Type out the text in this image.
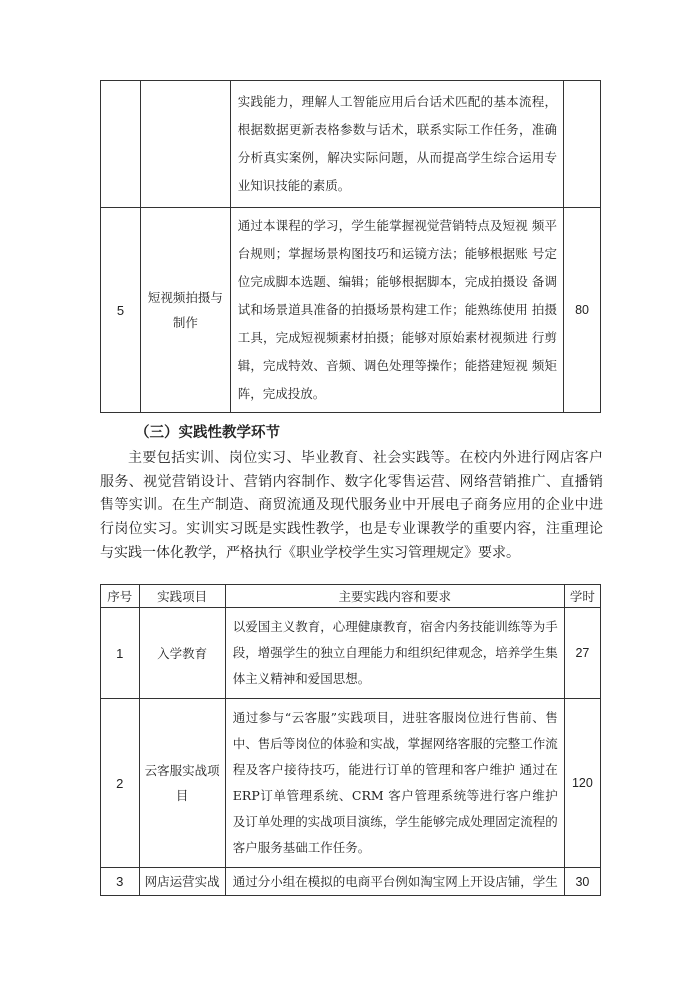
		实践能力，理解人工智能应用后台话术匹配的基本流程，根据数据更新表格参数与话术，联系实际工作任务，准确分析真实案例，解决实际问题，从而提高学生综合运用专业知识技能的素质。	
5	短视频拍摄与制作	通过本课程的学习，学生能掌握视觉营销特点及短视 频平台规则；掌握场景构图技巧和运镜方法；能够根据账 号定位完成脚本选题、编辑；能够根据脚本，完成拍摄设 备调试和场景道具准备的拍摄场景构建工作；能熟练使用 拍摄工具，完成短视频素材拍摄；能够对原始素材视频进 行剪辑，完成特效、音频、调色处理等操作；能搭建短视 频矩阵，完成投放。	80
（三）实践性教学环节
主要包括实训、岗位实习、毕业教育、社会实践等。在校内外进行网店客户服务、视觉营销设计、营销内容制作、数字化零售运营、网络营销推广、直播销售等实训。在生产制造、商贸流通及现代服务业中开展电子商务应用的企业中进行岗位实习。实训实习既是实践性教学，也是专业课教学的重要内容，注重理论与实践一体化教学，严格执行《职业学校学生实习管理规定》要求。
序号	实践项目	主要实践内容和要求	学时
1	入学教育	以爱国主义教育，心理健康教育，宿舍内务技能训练等为手段，增强学生的独立自理能力和组织纪律观念，培养学生集体主义精神和爱国思想。	27
2	云客服实战项目	通过参与“云客服”实践项目，进驻客服岗位进行售前、售中、售后等岗位的体验和实战，掌握网络客服的完整工作流程及客户接待技巧，能进行订单的管理和客户维护 通过在ERP订单管理系统、CRM 客户管理系统等进行客户维护及订单处理的实战项目演练，学生能够完成处理固定流程的客户服务基础工作任务。	120
3	网店运营实战	通过分小组在模拟的电商平台例如淘宝网上开设店铺，学生	30
